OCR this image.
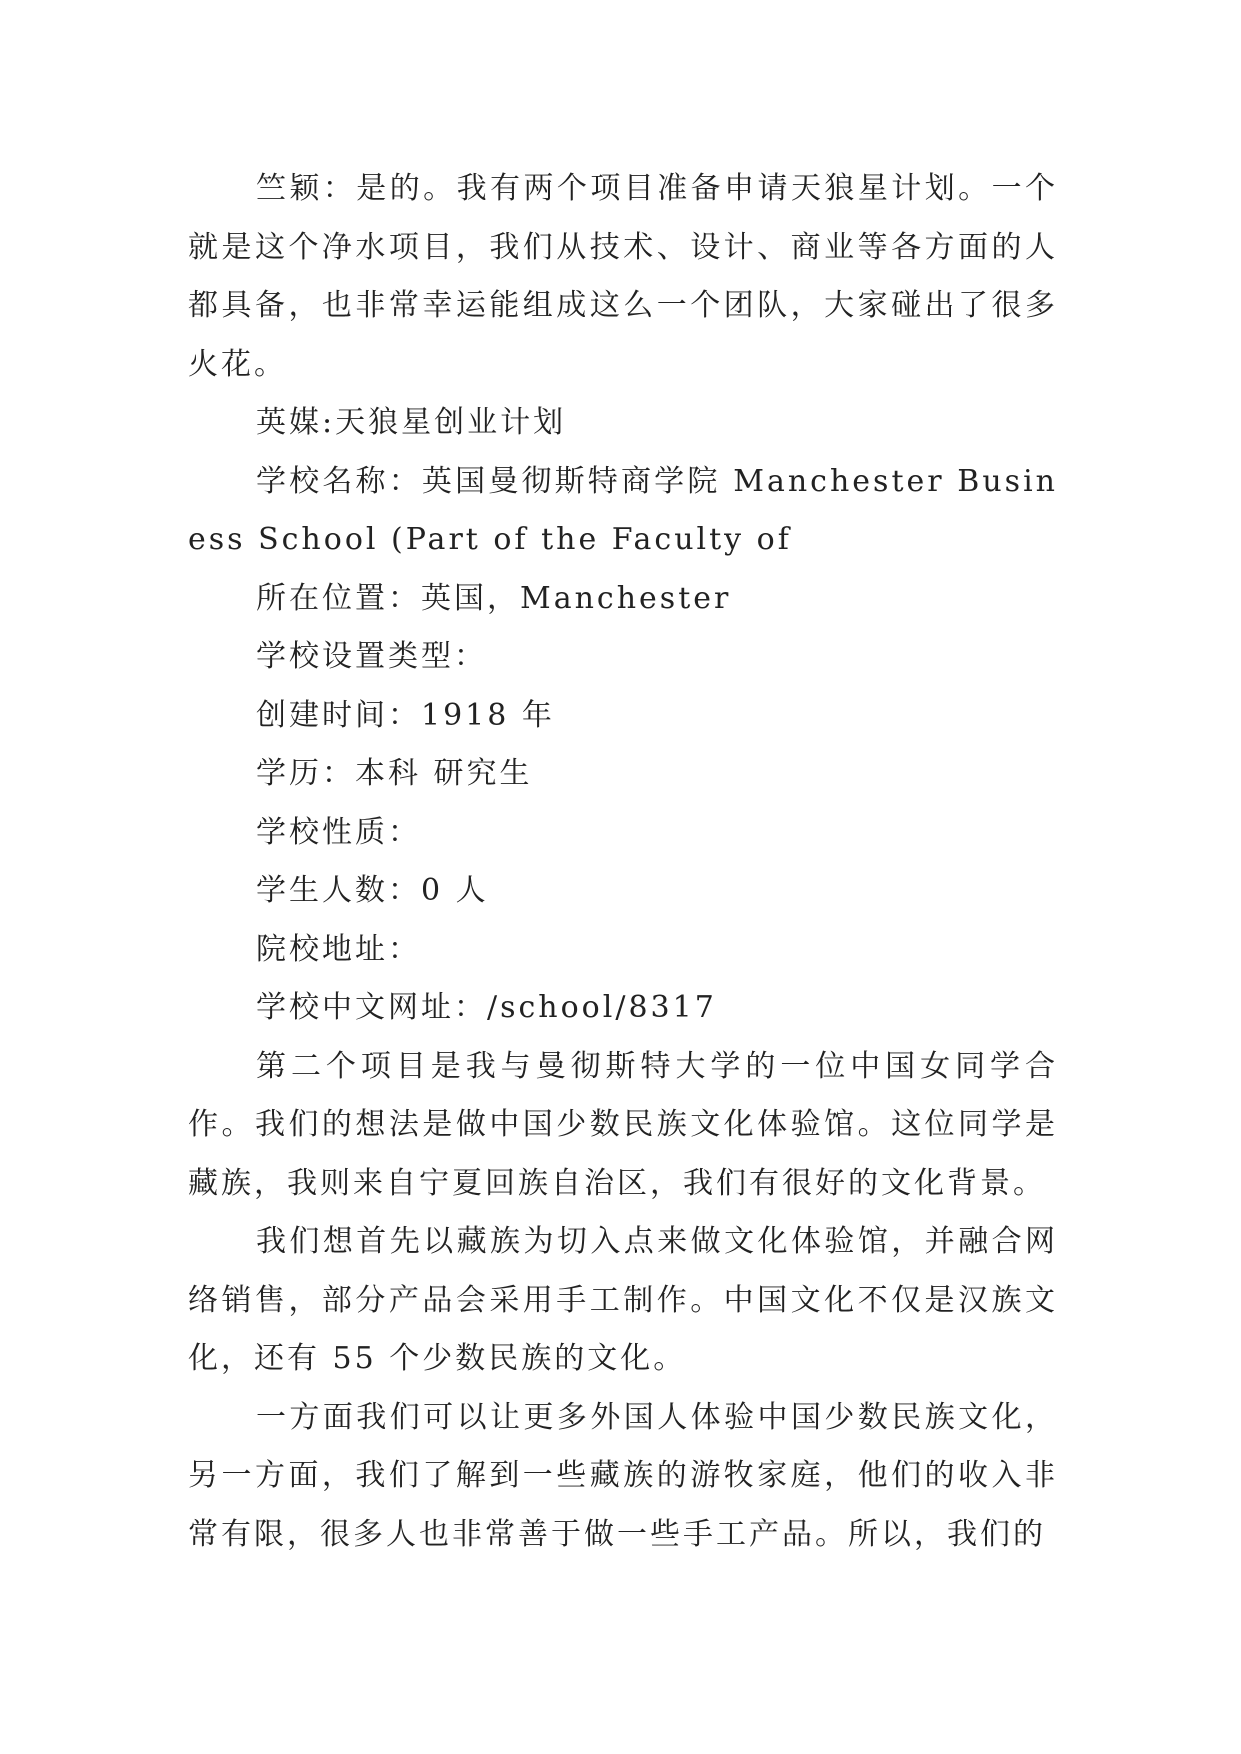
竺颖：是的。我有两个项目准备申请天狼星计划。一个就是这个净水项目，我们从技术、设计、商业等各方面的人都具备，也非常幸运能组成这么一个团队，大家碰出了很多火花。

英媒:天狼星创业计划

学校名称：英国曼彻斯特商学院 Manchester Business School (Part of the Faculty of

所在位置：英国，Manchester

学校设置类型：

创建时间：1918 年

学历：本科 研究生

学校性质：

学生人数：0 人

院校地址：

学校中文网址：/school/8317

第二个项目是我与曼彻斯特大学的一位中国女同学合作。我们的想法是做中国少数民族文化体验馆。这位同学是藏族，我则来自宁夏回族自治区，我们有很好的文化背景。

我们想首先以藏族为切入点来做文化体验馆，并融合网络销售，部分产品会采用手工制作。中国文化不仅是汉族文化，还有 55 个少数民族的文化。

一方面我们可以让更多外国人体验中国少数民族文化，另一方面，我们了解到一些藏族的游牧家庭，他们的收入非常有限，很多人也非常善于做一些手工产品。所以，我们的
